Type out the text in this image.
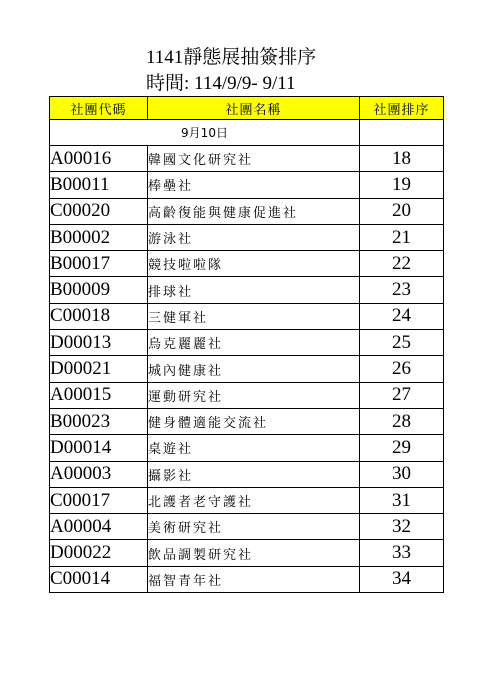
1141靜態展抽簽排序
時間: 114/9/9- 9/11
社團代碼	社團名稱	社團排序
9月10日		
A00016	韓國文化研究社	18
B00011	棒壘社	19
C00020	高齡復能與健康促進社	20
B00002	游泳社	21
B00017	競技啦啦隊	22
B00009	排球社	23
C00018	三健軍社	24
D00013	烏克麗麗社	25
D00021	城內健康社	26
A00015	運動研究社	27
B00023	健身體適能交流社	28
D00014	桌遊社	29
A00003	攝影社	30
C00017	北護者老守護社	31
A00004	美術研究社	32
D00022	飲品調製研究社	33
C00014	福智青年社	34
